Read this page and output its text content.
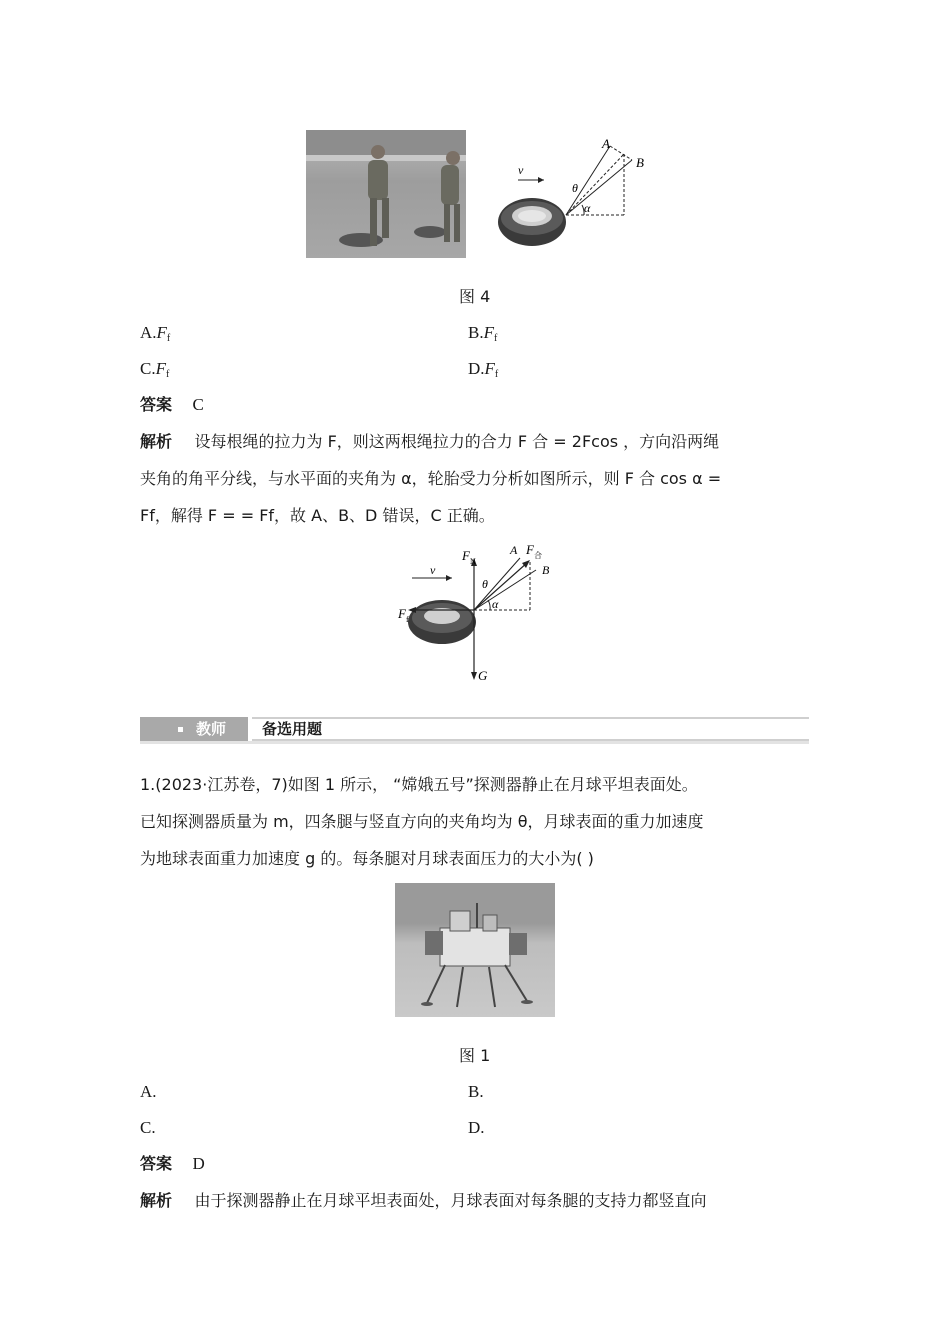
v
A
B
θ
α
图 4
$A.F_f$	$B.F_f$
$C.F_f$	$D.F_f$
答案 C
解析 设每根绳的拉力为 F，则这两根绳拉力的合力 F 合 = 2Fcos ，方向沿两绳
夹角的角平分线，与水平面的夹角为 α，轮胎受力分析如图所示，则 F 合 cos α =
Ff，解得 F = = Ff，故 A、B、D 错误，C 正确。
F N
v
A F 合
B
θ
α
F f
G
教师 备选用题
1.(2023·江苏卷，7)如图 1 所示， “嫦娥五号”探测器静止在月球平坦表面处。
已知探测器质量为 m，四条腿与竖直方向的夹角均为 θ，月球表面的重力加速度
为地球表面重力加速度 g 的。每条腿对月球表面压力的大小为( )
图 1
A.	B.
C.	D.
答案 D
解析 由于探测器静止在月球平坦表面处，月球表面对每条腿的支持力都竖直向
